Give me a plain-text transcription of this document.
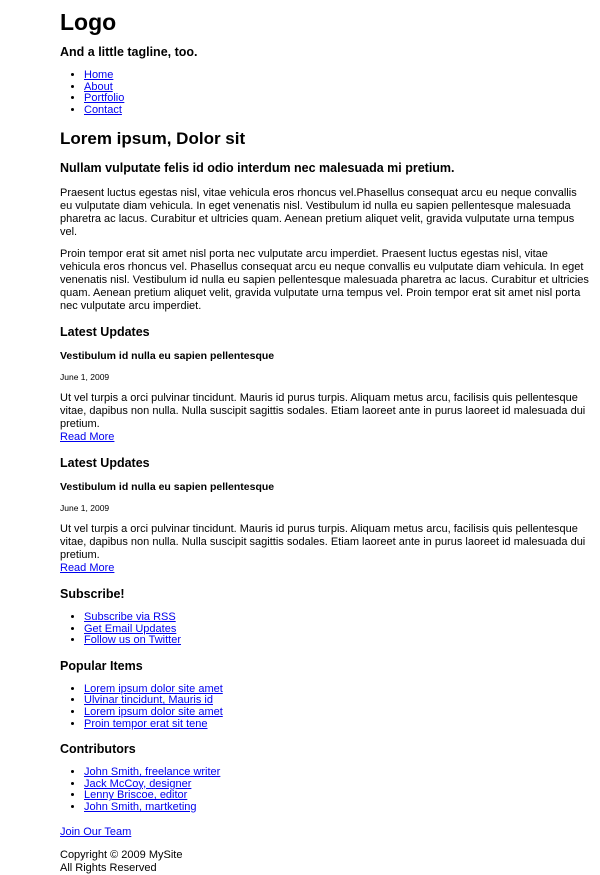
Logo
And a little tagline, too.
• Home
• About
• Portfolio
• Contact
Lorem ipsum, Dolor sit
Nullam vulputate felis id odio interdum nec malesuada mi pretium.

Praesent luctus egestas nisl, vitae vehicula eros rhoncus vel.Phasellus consequat arcu eu neque convallis eu vulputate diam vehicula. In eget venenatis nisl. Vestibulum id nulla eu sapien pellentesque malesuada pharetra ac lacus. Curabitur et ultricies quam. Aenean pretium aliquet velit, gravida vulputate urna tempus vel.

Proin tempor erat sit amet nisl porta nec vulputate arcu imperdiet. Praesent luctus egestas nisl, vitae vehicula eros rhoncus vel. Phasellus consequat arcu eu neque convallis eu vulputate diam vehicula. In eget venenatis nisl. Vestibulum id nulla eu sapien pellentesque malesuada pharetra ac lacus. Curabitur et ultricies quam. Aenean pretium aliquet velit, gravida vulputate urna tempus vel. Proin tempor erat sit amet nisl porta nec vulputate arcu imperdiet.

Latest Updates
Vestibulum id nulla eu sapien pellentesque
June 1, 2009
Ut vel turpis a orci pulvinar tincidunt. Mauris id purus turpis. Aliquam metus arcu, facilisis quis pellentesque vitae, dapibus non nulla. Nulla suscipit sagittis sodales. Etiam laoreet ante in purus laoreet id malesuada dui pretium.
Read More
Latest Updates
Vestibulum id nulla eu sapien pellentesque
June 1, 2009
Ut vel turpis a orci pulvinar tincidunt. Mauris id purus turpis. Aliquam metus arcu, facilisis quis pellentesque vitae, dapibus non nulla. Nulla suscipit sagittis sodales. Etiam laoreet ante in purus laoreet id malesuada dui pretium.
Read More
Subscribe!
• Subscribe via RSS
• Get Email Updates
• Follow us on Twitter
Popular Items
• Lorem ipsum dolor site amet
• Ulvinar tincidunt, Mauris id
• Lorem ipsum dolor site amet
• Proin tempor erat sit tene
Contributors
• John Smith, freelance writer
• Jack McCoy, designer
• Lenny Briscoe, editor
• John Smith, martketing
Join Our Team

Copyright © 2009 MySite

All Rights Reserved
